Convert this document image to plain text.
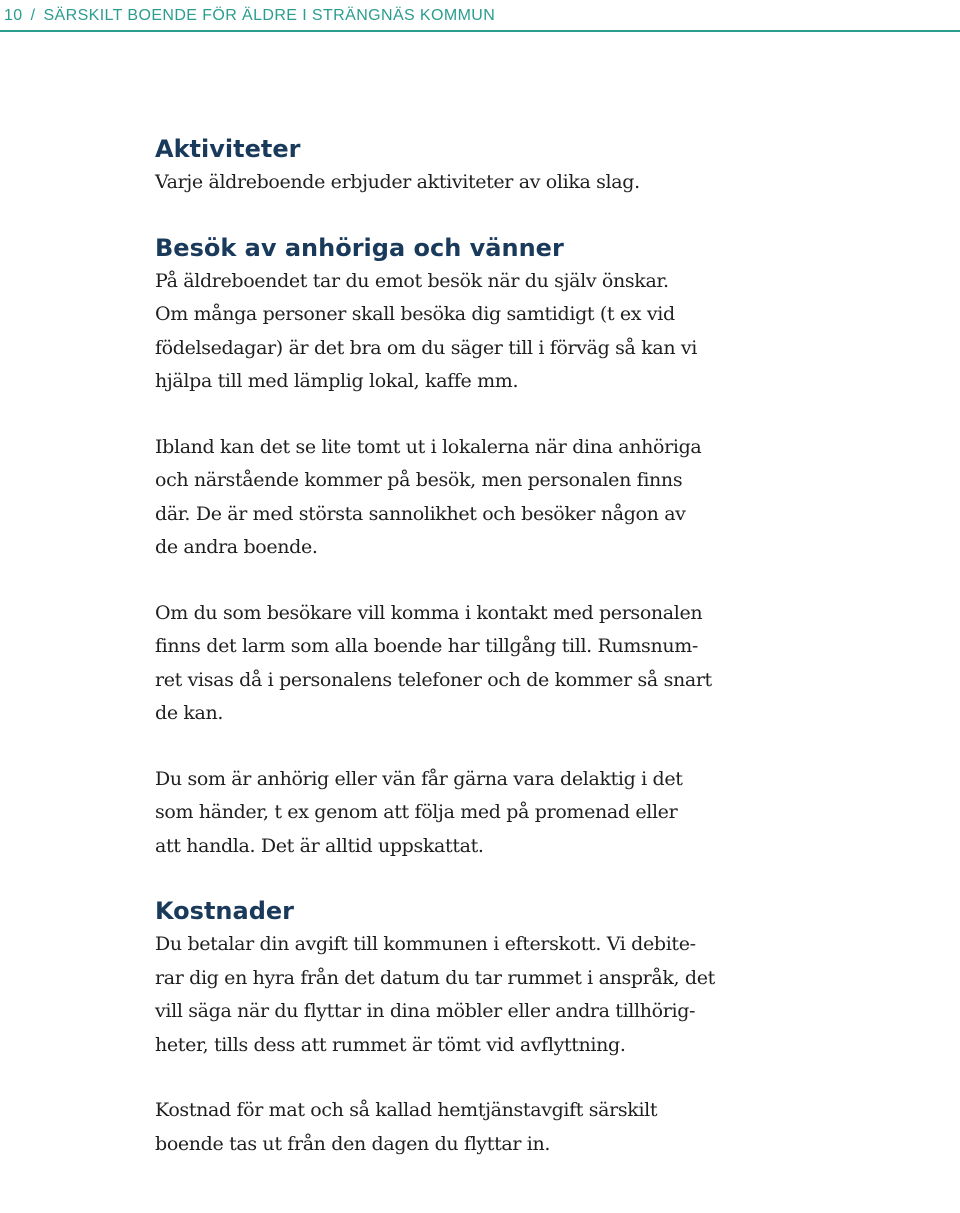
10 / SÄRSKILT BOENDE FÖR ÄLDRE I STRÄNGNÄS KOMMUN
Aktiviteter

Varje äldreboende erbjuder aktiviteter av olika slag.

Besök av anhöriga och vänner

På äldreboendet tar du emot besök när du själv önskar.
Om många personer skall besöka dig samtidigt (t ex vid
födelsedagar) är det bra om du säger till i förväg så kan vi
hjälpa till med lämplig lokal, kaffe mm.

Ibland kan det se lite tomt ut i lokalerna när dina anhöriga
och närstående kommer på besök, men personalen finns
där. De är med största sannolikhet och besöker någon av
de andra boende.

Om du som besökare vill komma i kontakt med personalen
finns det larm som alla boende har tillgång till. Rumsnum-
ret visas då i personalens telefoner och de kommer så snart
de kan.

Du som är anhörig eller vän får gärna vara delaktig i det
som händer, t ex genom att följa med på promenad eller
att handla. Det är alltid uppskattat.

Kostnader

Du betalar din avgift till kommunen i efterskott. Vi debite-
rar dig en hyra från det datum du tar rummet i anspråk, det
vill säga när du flyttar in dina möbler eller andra tillhörig-
heter, tills dess att rummet är tömt vid avflyttning.

Kostnad för mat och så kallad hemtjänstavgift särskilt
boende tas ut från den dagen du flyttar in.
